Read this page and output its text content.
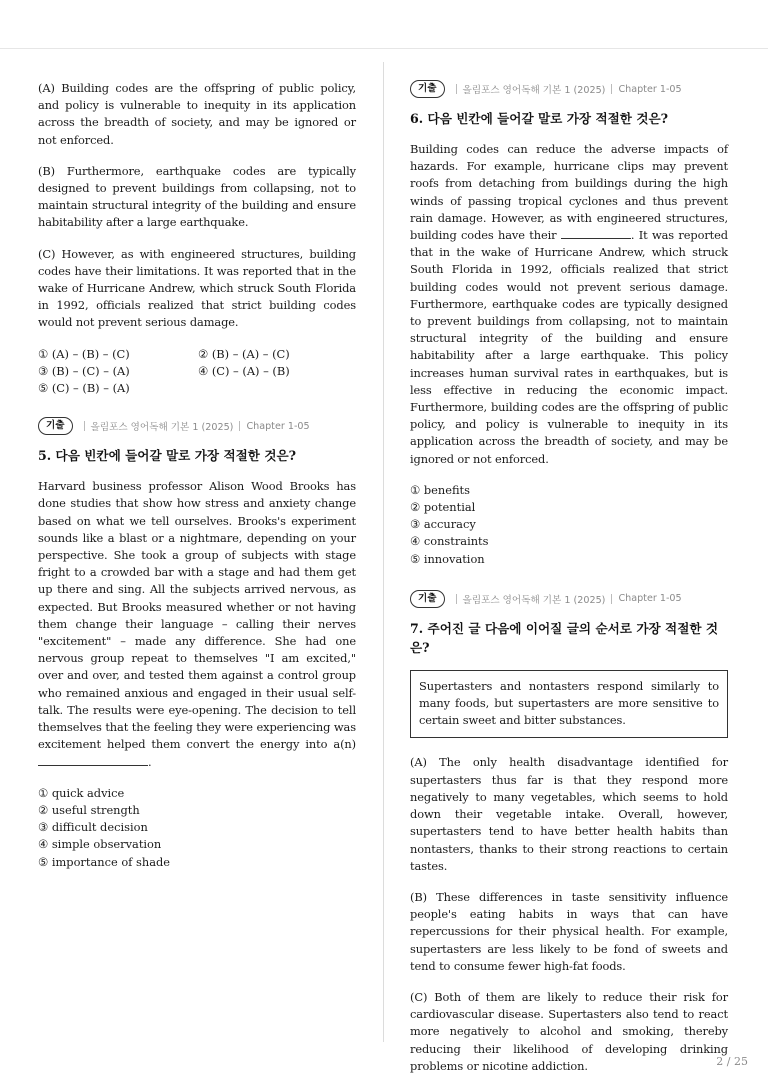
(A) Building codes are the offspring of public policy, and policy is vulnerable to inequity in its application across the breadth of society, and may be ignored or not enforced.

(B) Furthermore, earthquake codes are typically designed to prevent buildings from collapsing, not to maintain structural integrity of the building and ensure habitability after a large earthquake.

(C) However, as with engineered structures, building codes have their limitations. It was reported that in the wake of Hurricane Andrew, which struck South Florida in 1992, officials realized that strict building codes would not prevent serious damage.

① (A) – (B) – (C)	② (B) – (A) – (C)
③ (B) – (C) – (A)	④ (C) – (A) – (B)
⑤ (C) – (B) – (A)
기출	올림포스 영어독해 기본 1 (2025) Chapter 1-05
5. 다음 빈칸에 들어갈 말로 가장 적절한 것은?

Harvard business professor Alison Wood Brooks has done studies that show how stress and anxiety change based on what we tell ourselves. Brooks's experiment sounds like a blast or a nightmare, depending on your perspective. She took a group of subjects with stage fright to a crowded bar with a stage and had them get up there and sing. All the subjects arrived nervous, as expected. But Brooks measured whether or not having them change their language – calling their nerves "excitement" – made any difference. She had one nervous group repeat to themselves "I am excited," over and over, and tested them against a control group who remained anxious and engaged in their usual self-talk. The results were eye-opening. The decision to tell themselves that the feeling they were experiencing was excitement helped them convert the energy into a(n) .

① quick advice
② useful strength
③ difficult decision
④ simple observation
⑤ importance of shade
기출	올림포스 영어독해 기본 1 (2025) Chapter 1-05
6. 다음 빈칸에 들어갈 말로 가장 적절한 것은?

Building codes can reduce the adverse impacts of hazards. For example, hurricane clips may prevent roofs from detaching from buildings during the high winds of passing tropical cyclones and thus prevent rain damage. However, as with engineered structures, building codes have their	. It was reported that in the wake of Hurricane Andrew, which struck South Florida in 1992, officials realized that strict building codes would not prevent serious damage. Furthermore, earthquake codes are typically designed to prevent buildings from collapsing, not to maintain structural integrity of the building and ensure habitability after a large earthquake. This policy increases human survival rates in earthquakes, but is less effective in reducing the economic impact. Furthermore, building codes are the offspring of public policy, and policy is vulnerable to inequity in its application across the breadth of society, and may be ignored or not enforced.

① benefits
② potential
③ accuracy
④ constraints
⑤ innovation
기출	올림포스 영어독해 기본 1 (2025) Chapter 1-05
7. 주어진 글 다음에 이어질 글의 순서로 가장 적절한 것은?

Supertasters and nontasters respond similarly to many foods, but supertasters are more sensitive to certain sweet and bitter substances.

(A) The only health disadvantage identified for supertasters thus far is that they respond more negatively to many vegetables, which seems to hold down their vegetable intake. Overall, however, supertasters tend to have better health habits than nontasters, thanks to their strong reactions to certain tastes.

(B) These differences in taste sensitivity influence people's eating habits in ways that can have repercussions for their physical health. For example, supertasters are less likely to be fond of sweets and tend to consume fewer high-fat foods.

(C) Both of them are likely to reduce their risk for cardiovascular disease. Supertasters also tend to react more negatively to alcohol and smoking, thereby reducing their likelihood of developing drinking problems or nicotine addiction.	2 / 25
